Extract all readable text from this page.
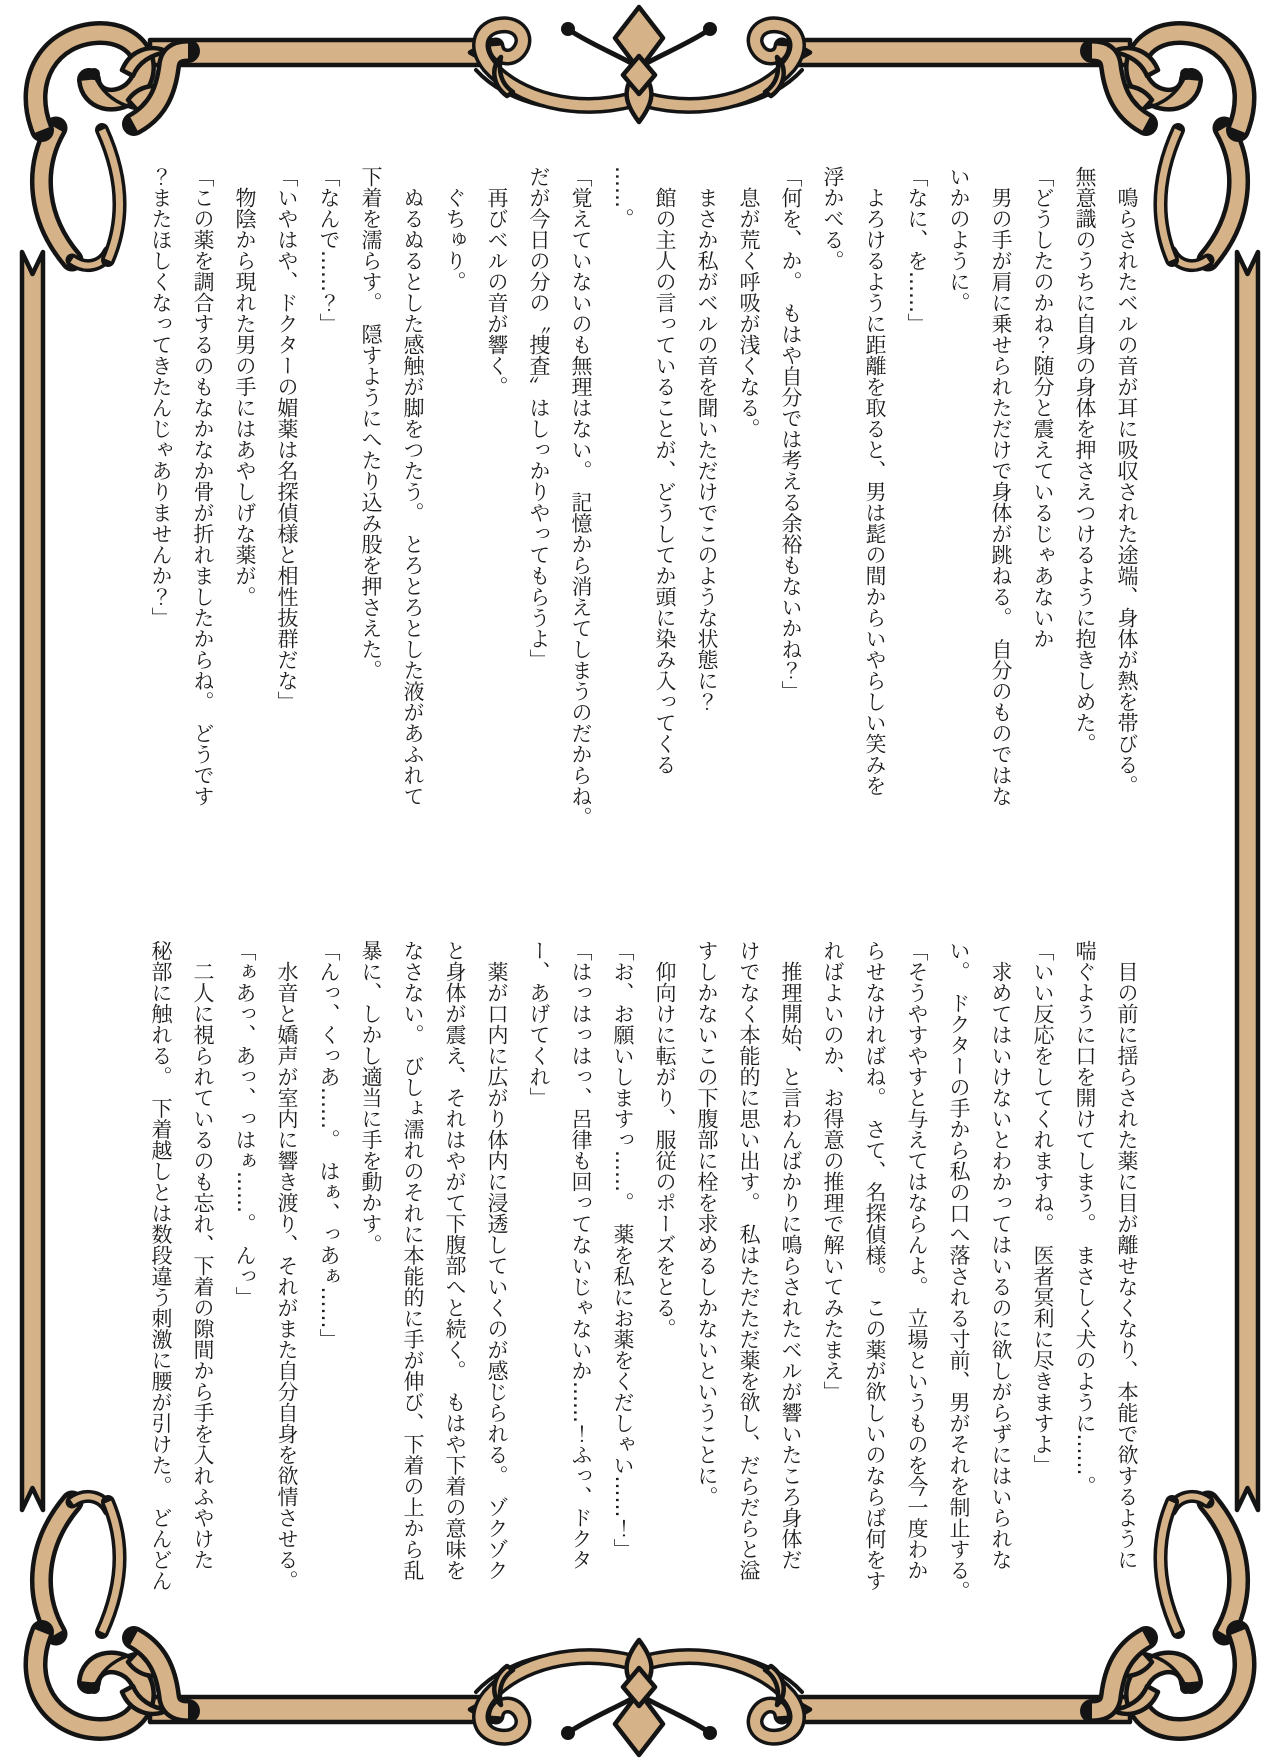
　鳴らされたベルの音が耳に吸収された途端、身体が熱を帯びる。

無意識のうちに自身の身体を押さえつけるように抱きしめた。

「どうしたのかね？随分と震えているじゃあないか

　男の手が肩に乗せられただけで身体が跳ねる。　自分のものではな

いかのように。

「なに、を……」

　よろけるように距離を取ると、男は髭の間からいやらしい笑みを

浮かべる。

「何を、か。　もはや自分では考える余裕もないかね？」

　息が荒く呼吸が浅くなる。

　まさか私がベルの音を聞いただけでこのような状態に？

　館の主人の言っていることが、どうしてか頭に染み入ってくる

……。

「覚えていないのも無理はない。　記憶から消えてしまうのだからね。

だが今日の分の〝捜査〟はしっかりやってもらうよ」

　再びベルの音が響く。

　ぐちゅり。

　ぬるぬるとした感触が脚をつたう。　とろとろとした液があふれて

下着を濡らす。　隠すようにへたり込み股を押さえた。

「なんで……？」

「いやはや、ドクターの媚薬は名探偵様と相性抜群だな」

　物陰から現れた男の手にはあやしげな薬が。

「この薬を調合するのもなかなか骨が折れましたからね。　どうです

？またほしくなってきたんじゃありませんか？」

　目の前に揺らされた薬に目が離せなくなり、本能で欲するように

喘ぐように口を開けてしまう。　まさしく犬のように……。

「いい反応をしてくれますね。　医者冥利に尽きますよ」

　求めてはいけないとわかってはいるのに欲しがらずにはいられな

い。　ドクターの手から私の口へ落される寸前、男がそれを制止する。

「そうやすやすと与えてはならんよ。　立場というものを今一度わか

らせなければね。　さて、名探偵様。　この薬が欲しいのならば何をす

ればよいのか、お得意の推理で解いてみたまえ」

　推理開始、と言わんばかりに鳴らされたベルが響いたころ身体だ

けでなく本能的に思い出す。　私はただただ薬を欲し、だらだらと溢

すしかないこの下腹部に栓を求めるしかないということに。

　仰向けに転がり、服従のポーズをとる。

「お、お願いしますっ……。　薬を私にお薬をくだしゃい……！」

「はっはっはっ、呂律も回ってないじゃないか……！ふっ、ドクタ

ー、あげてくれ」

　薬が口内に広がり体内に浸透していくのが感じられる。　ゾクゾク

と身体が震え、それはやがて下腹部へと続く。　もはや下着の意味を

なさない。　びしょ濡れのそれに本能的に手が伸び、下着の上から乱

暴に、しかし適当に手を動かす。

「んっ、くっあ……。　はぁ、っあぁ……」

　水音と嬌声が室内に響き渡り、それがまた自分自身を欲情させる。

「ぁあっ、あっ、っはぁ……。　んっ」

　二人に視られているのも忘れ、下着の隙間から手を入れふやけた

秘部に触れる。　下着越しとは数段違う刺激に腰が引けた。　どんどん
